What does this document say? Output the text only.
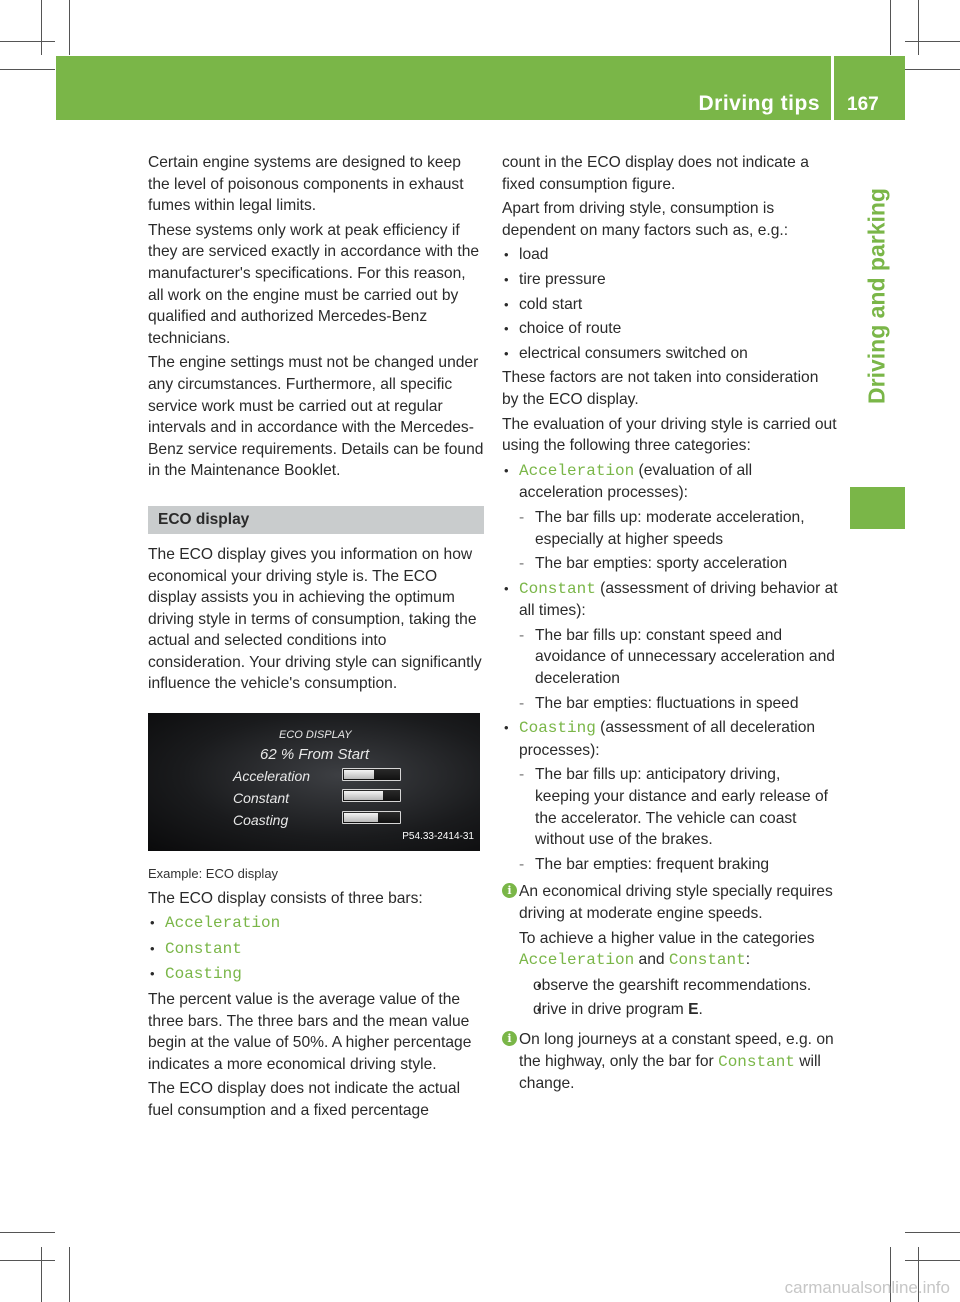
Driving tips 167
Driving and parking

Certain engine systems are designed to keep the level of poisonous components in exhaust fumes within legal limits.

These systems only work at peak efficiency if they are serviced exactly in accordance with the manufacturer's specifications. For this reason, all work on the engine must be carried out by qualified and authorized Mercedes-Benz technicians.

The engine settings must not be changed under any circumstances. Furthermore, all specific service work must be carried out at regular intervals and in accordance with the Mercedes-Benz service requirements. Details can be found in the Maintenance Booklet.

ECO display

The ECO display gives you information on how economical your driving style is. The ECO display assists you in achieving the optimum driving style in terms of consumption, taking the actual and selected conditions into consideration. Your driving style can significantly influence the vehicle's consumption.

ECO DISPLAY
62 % From Start
Acceleration
Constant
Coasting
P54.33-2414-31

Example: ECO display

The ECO display consists of three bars:

• Acceleration

• Constant

• Coasting

The percent value is the average value of the three bars. The three bars and the mean value begin at the value of 50%. A higher percentage indicates a more economical driving style.

The ECO display does not indicate the actual fuel consumption and a fixed percentage

count in the ECO display does not indicate a fixed consumption figure.

Apart from driving style, consumption is dependent on many factors such as, e.g.:

• load

• tire pressure

• cold start

• choice of route

• electrical consumers switched on

These factors are not taken into consideration by the ECO display.

The evaluation of your driving style is carried out using the following three categories:

• Acceleration (evaluation of all acceleration processes):

- The bar fills up: moderate acceleration, especially at higher speeds

- The bar empties: sporty acceleration

• Constant (assessment of driving behavior at all times):

- The bar fills up: constant speed and avoidance of unnecessary acceleration and deceleration

- The bar empties: fluctuations in speed

• Coasting (assessment of all deceleration processes):

- The bar fills up: anticipatory driving, keeping your distance and early release of the accelerator. The vehicle can coast without use of the brakes.

- The bar empties: frequent braking

i An economical driving style specially requires driving at moderate engine speeds.

To achieve a higher value in the categories Acceleration and Constant:

• observe the gearshift recommendations.

• drive in drive program E.

i On long journeys at a constant speed, e.g. on the highway, only the bar for Constant will change.

carmanualsonline.info
